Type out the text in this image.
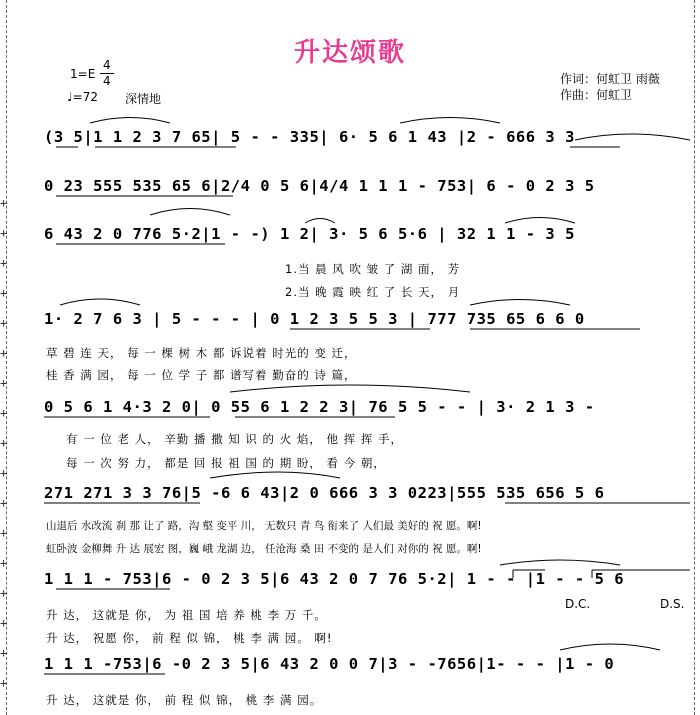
+
+
+
+
+
+
+
+
+
+
+
+
+
+
+
+
+
升达颂歌
1=E
4
4
♩=72 深情地
作词：何虹卫 雨薇
作曲：何虹卫
(3 5|1 1 2 3 7 65| 5 - - 335| 6· 5 6 1 43 |2 - 666 3 3
0 23 555 535 65 6|2/4 0 5 6|4/4 1 1 1 - 753| 6 - 0 2 3 5
6 43 2 0 776 5·2|1 - -) 1 2| 3· 5 6 5·6 | 32 1 1 - 3 5
1.当 晨 风 吹 皱 了 湖 面， 芳
2.当 晚 霞 映 红 了 长 天， 月
1· 2 7 6 3 | 5 - - - | 0 1 2 3 5 5 3 | 777 735 65 6 6 0
草 碧 连 天， 每 一 棵 树 木 都 诉说着 时光的 变 迁，
桂 香 满 园， 每 一 位 学 子 都 谱写着 勤奋的 诗 篇，
0 5 6 1 4·3 2 0| 0 55 6 1 2 2 3| 76 5 5 - - | 3· 2 1 3 -
有 一 位 老 人， 辛勤 播 撒 知 识 的 火 焰， 他 挥 挥 手，
每 一 次 努 力， 都是 回 报 祖 国 的 期 盼， 看 今 朝，
271 271 3 3 76|5 -6 6 43|2 0 666 3 3 0223|555 535 656 5 6
山退后 水改流 刹 那 让了 路，沟 壑 变平 川， 无数只 青 鸟 衔来了 人们最 美好的 祝 愿。啊!
虹卧波 金柳舞 升 达 展宏 图，巍 峨 龙湖 边， 任沧海 桑 田 不变的 是人们 对你的 祝 愿。啊!
1 1 1 - 753|6 - 0 2 3 5|6 43 2 0 7 76 5·2| 1 - - |1 - - 5 6
D.C.	D.S.
升 达， 这就是 你， 为 祖 国 培 养 桃 李 万 千。
升 达， 祝愿 你， 前 程 似 锦， 桃 李 满 园。 啊!
1 1 1 -753|6 -0 2 3 5|6 43 2 0 0 7|3 - -7656|1- - - |1 - 0
升 达， 这就是 你， 前 程 似 锦， 桃 李 满 园。
